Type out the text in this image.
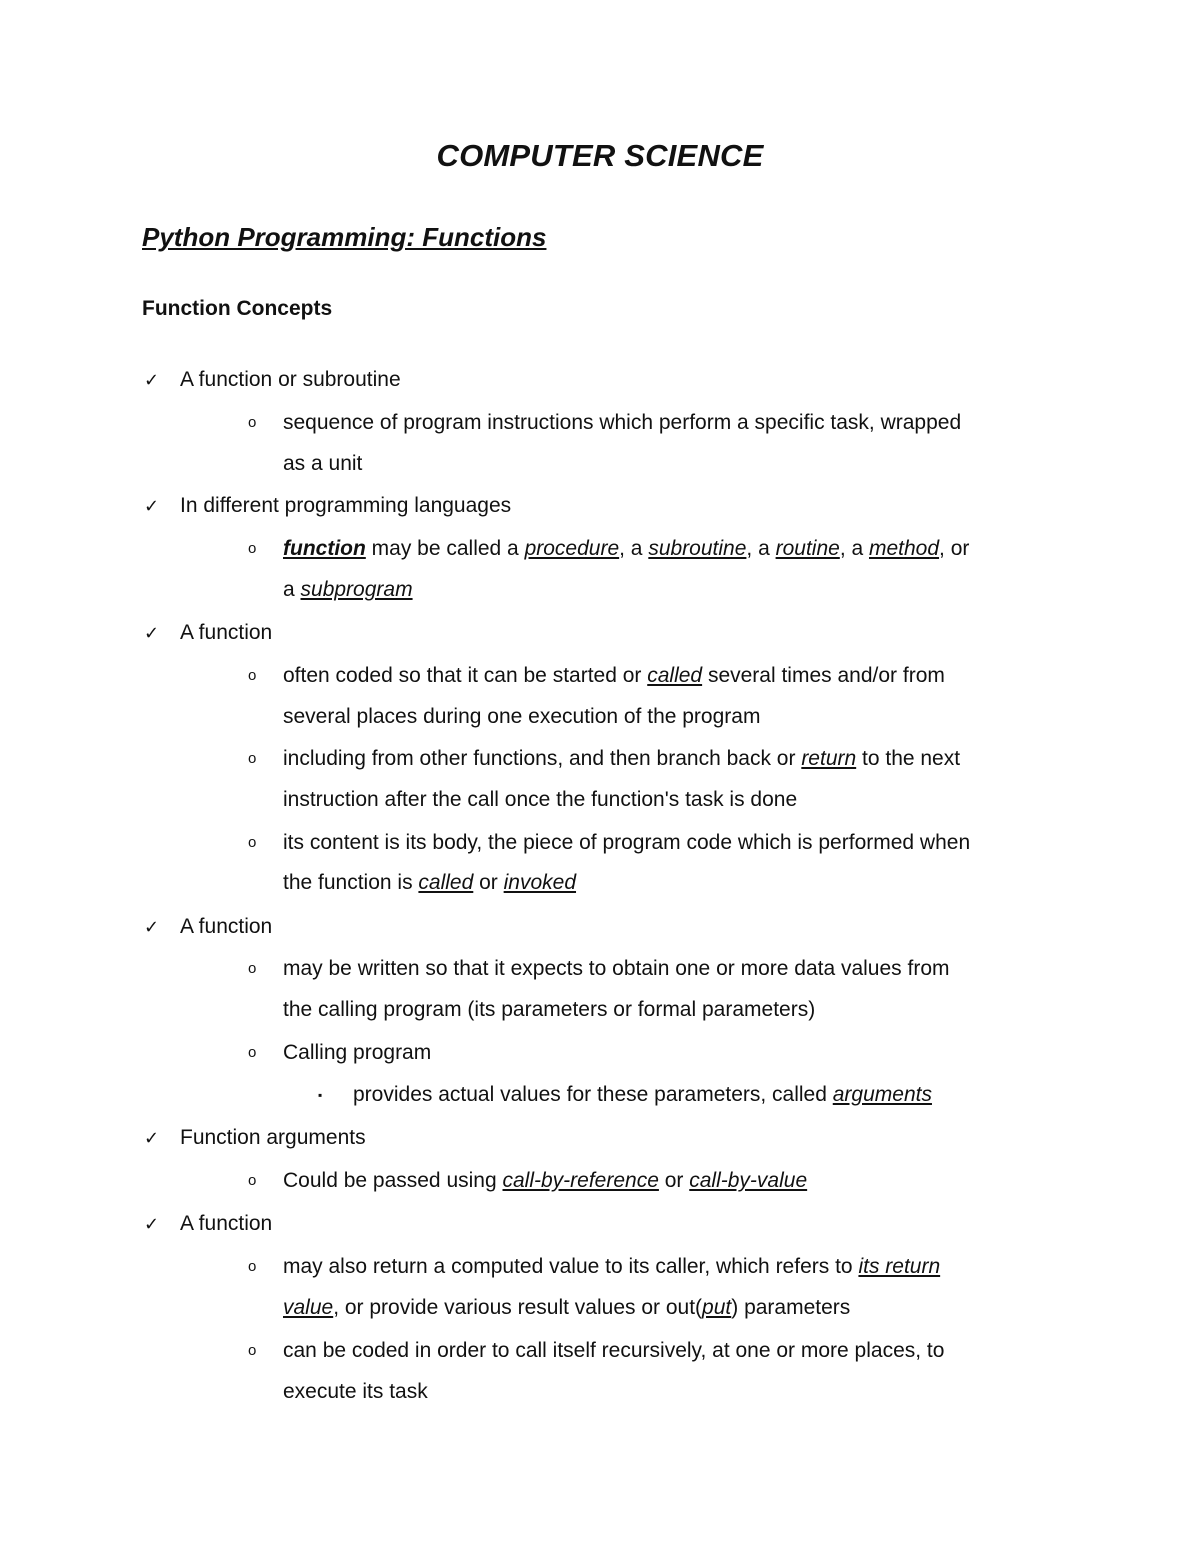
COMPUTER SCIENCE
Python Programming: Functions
Function Concepts
✓ A function or subroutine
o sequence of program instructions which perform a specific task, wrapped
as a unit
✓ In different programming languages
o function may be called a procedure, a subroutine, a routine, a method, or
a subprogram
✓ A function
o often coded so that it can be started or called several times and/or from
several places during one execution of the program
o including from other functions, and then branch back or return to the next
instruction after the call once the function's task is done
o its content is its body, the piece of program code which is performed when
the function is called or invoked
✓ A function
o may be written so that it expects to obtain one or more data values from
the calling program (its parameters or formal parameters)
o Calling program
▪ provides actual values for these parameters, called arguments
✓ Function arguments
o Could be passed using call-by-reference or call-by-value
✓ A function
o may also return a computed value to its caller, which refers to its return
value, or provide various result values or out(put) parameters
o can be coded in order to call itself recursively, at one or more places, to
execute its task
